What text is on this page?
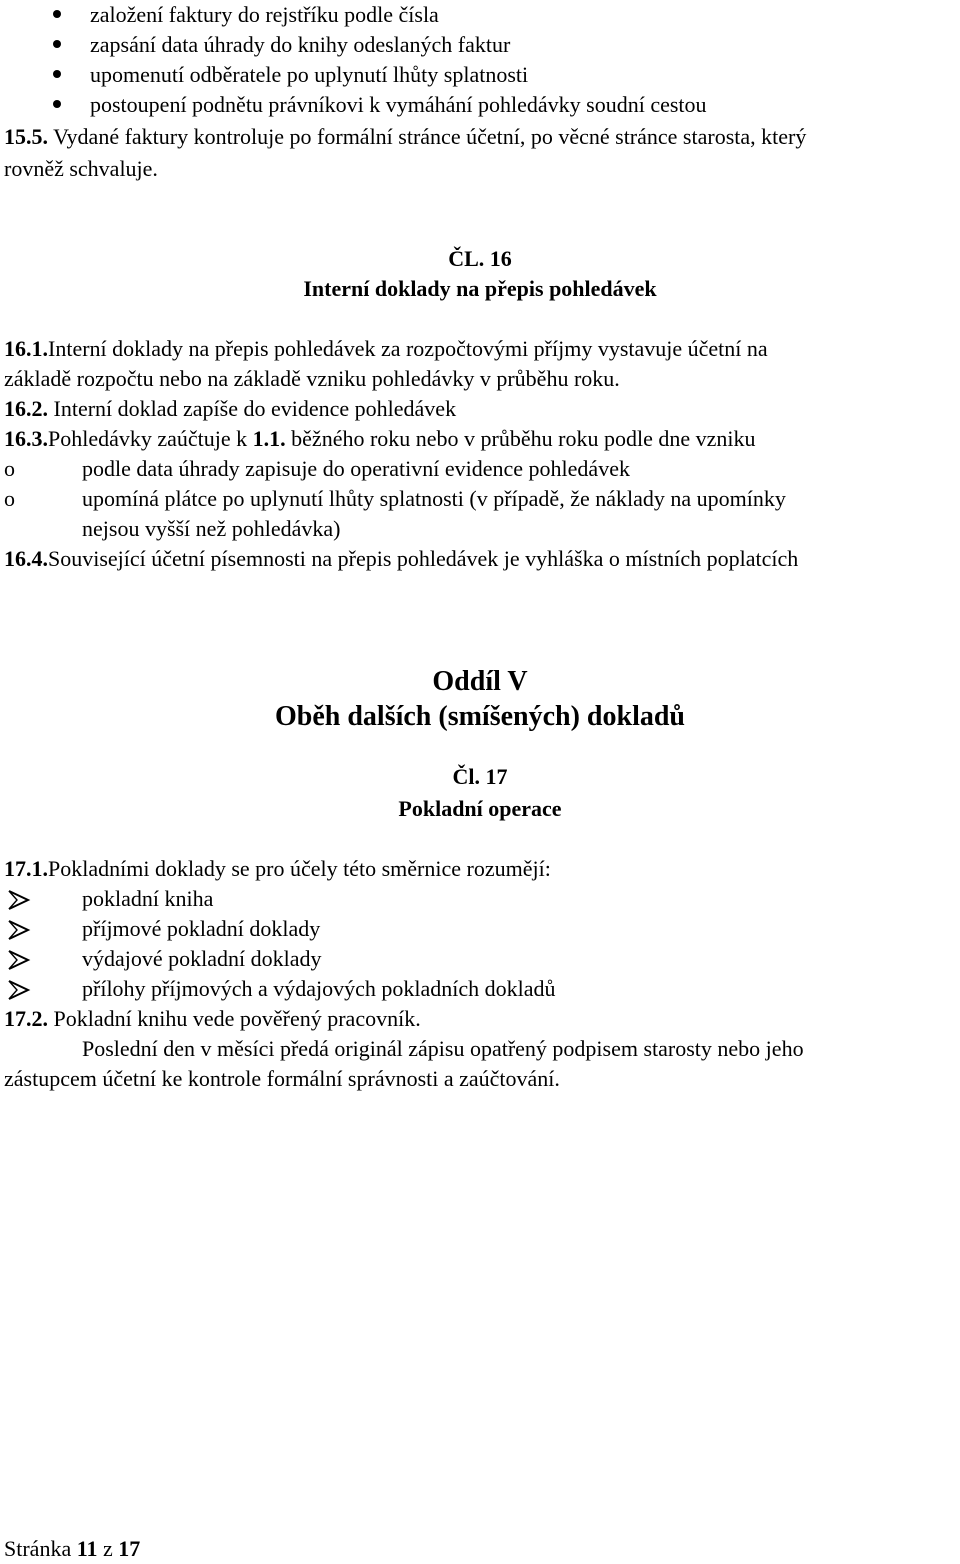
založení faktury do rejstříku podle čísla
zapsání data úhrady do knihy odeslaných faktur
upomenutí odběratele po uplynutí lhůty splatnosti
postoupení podnětu právníkovi k vymáhání pohledávky soudní cestou
15.5. Vydané faktury kontroluje po formální stránce účetní, po věcné stránce starosta, který
rovněž schvaluje.
ČL. 16
Interní doklady na přepis pohledávek
16.1.Interní doklady na přepis pohledávek za rozpočtovými příjmy vystavuje účetní na
základě rozpočtu nebo na základě vzniku pohledávky v průběhu roku.
16.2. Interní doklad zapíše do evidence pohledávek
16.3.Pohledávky zaúčtuje k 1.1. běžného roku nebo v průběhu roku podle dne vzniku
o	podle data úhrady zapisuje do operativní evidence pohledávek
o	upomíná plátce po uplynutí lhůty splatnosti (v případě, že náklady na upomínky
nejsou vyšší než pohledávka)
16.4.Související účetní písemnosti na přepis pohledávek je vyhláška o místních poplatcích
Oddíl V
Oběh dalších (smíšených) dokladů
Čl. 17
Pokladní operace
17.1.Pokladními doklady se pro účely této směrnice rozumějí:
pokladní kniha
příjmové pokladní doklady
výdajové pokladní doklady
přílohy příjmových a výdajových pokladních dokladů
17.2. Pokladní knihu vede pověřený pracovník.
Poslední den v měsíci předá originál zápisu opatřený podpisem starosty nebo jeho
zástupcem účetní ke kontrole formální správnosti a zaúčtování.
Stránka 11 z 17
